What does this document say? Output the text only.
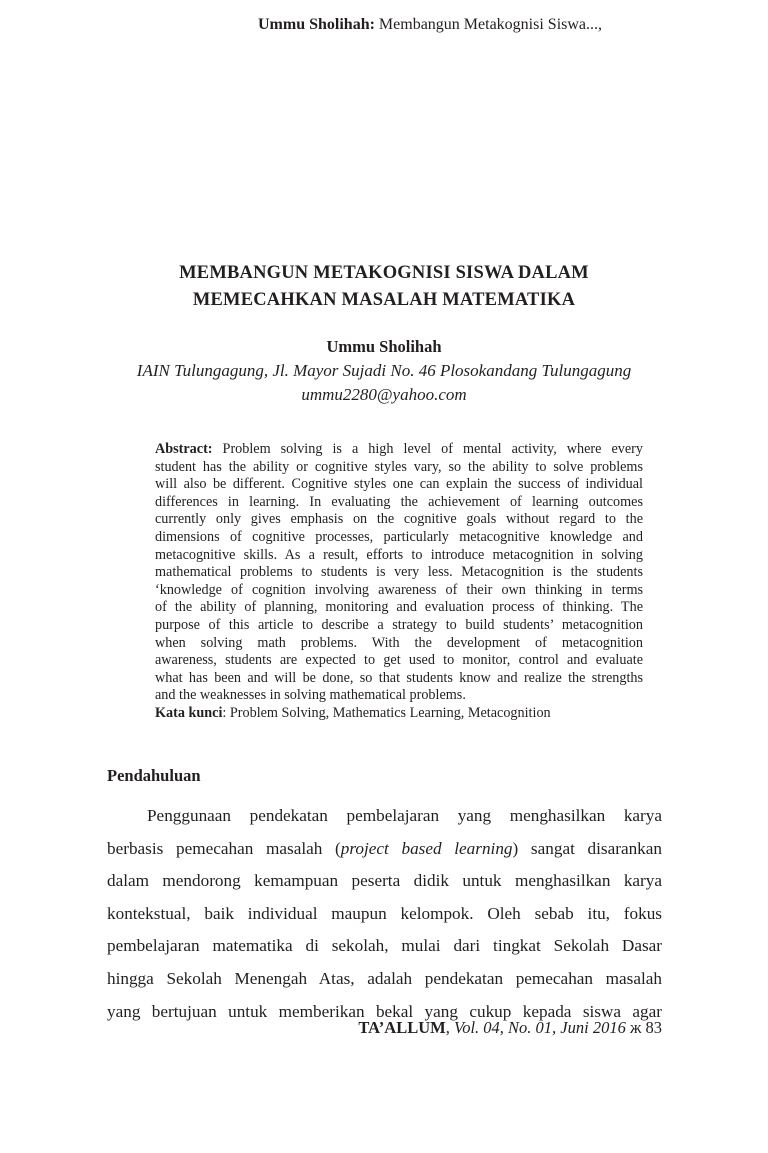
Ummu Sholihah: Membangun Metakognisi Siswa...,
MEMBANGUN METAKOGNISI SISWA DALAM
MEMECAHKAN MASALAH MATEMATIKA
Ummu Sholihah
IAIN Tulungagung, Jl. Mayor Sujadi No. 46 Plosokandang Tulungagung
ummu2280@yahoo.com
Abstract: Problem solving is a high level of mental activity, where every
student has the ability or cognitive styles vary, so the ability to solve problems
will also be different. Cognitive styles one can explain the success of individual
differences in learning. In evaluating the achievement of learning outcomes
currently only gives emphasis on the cognitive goals without regard to the
dimensions of cognitive processes, particularly metacognitive knowledge and
metacognitive skills. As a result, efforts to introduce metacognition in solving
mathematical problems to students is very less. Metacognition is the students
‘knowledge of cognition involving awareness of their own thinking in terms
of the ability of planning, monitoring and evaluation process of thinking. The
purpose of this article to describe a strategy to build students’ metacognition
when solving math problems. With the development of metacognition
awareness, students are expected to get used to monitor, control and evaluate
what has been and will be done, so that students know and realize the strengths
and the weaknesses in solving mathematical problems.
Kata kunci: Problem Solving, Mathematics Learning, Metacognition
Pendahuluan
Penggunaan pendekatan pembelajaran yang menghasilkan karya
berbasis pemecahan masalah (project based learning) sangat disarankan
dalam mendorong kemampuan peserta didik untuk menghasilkan karya
kontekstual, baik individual maupun kelompok. Oleh sebab itu, fokus
pembelajaran matematika di sekolah, mulai dari tingkat Sekolah Dasar
hingga Sekolah Menengah Atas, adalah pendekatan pemecahan masalah
yang bertujuan untuk memberikan bekal yang cukup kepada siswa agar
TA’ALLUM, Vol. 04, No. 01, Juni 2016 ж 83
